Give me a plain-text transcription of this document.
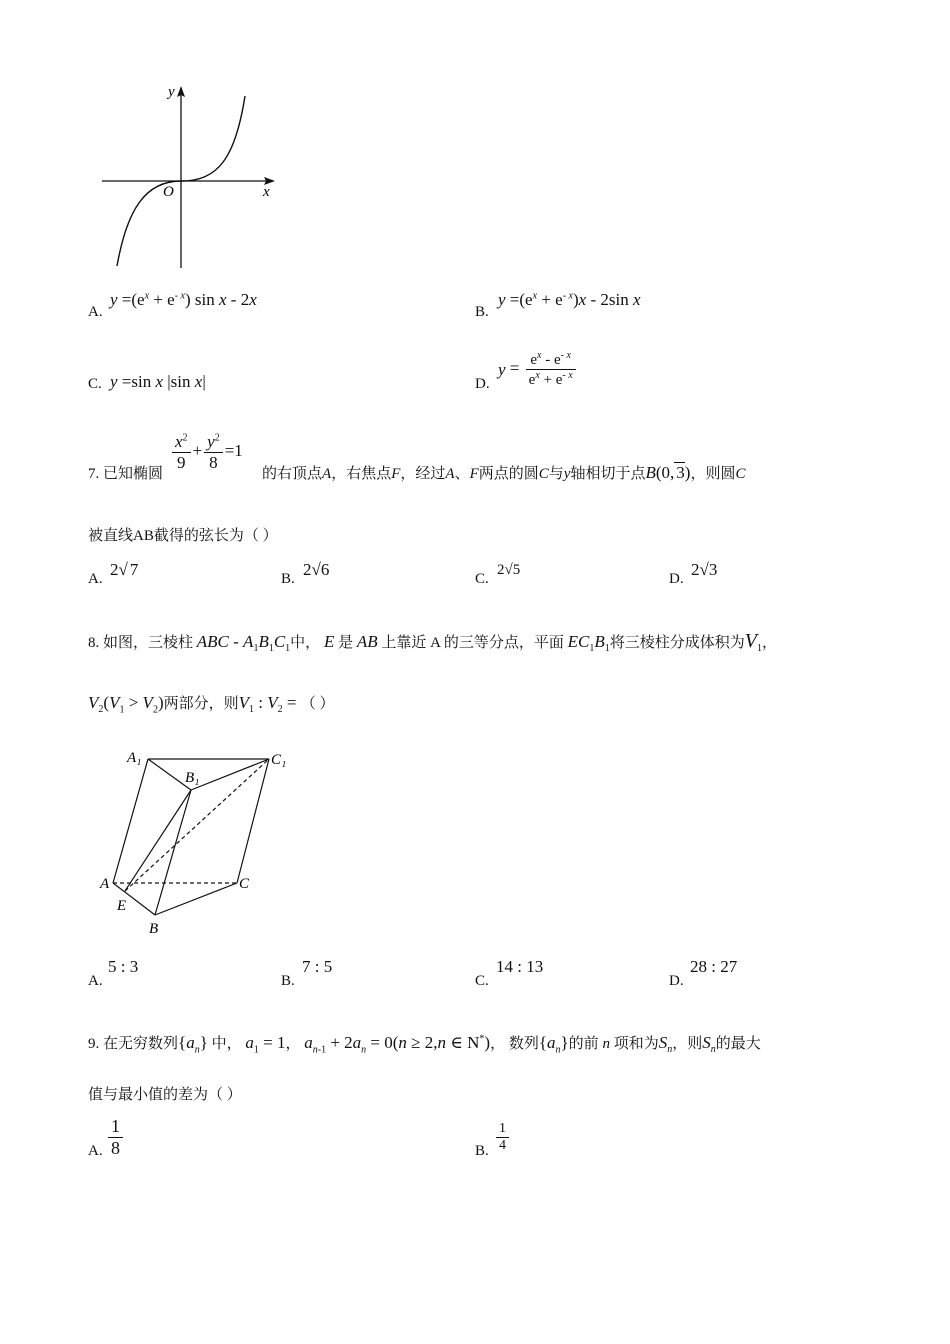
y
x
O
A.
$y =(e^x + e^{- x})$ sin x - 2x
B.
$y =(e^x + e^{- x})x - 2\sin$ x
C. y =sin x |sin x|	D.
$y = \frac{e^x - e^{- x}}{e^x + e^{- x}}$
7. 已知椭圆
$\frac{x^2}{9} + \frac{y^2}{8} =1$
的右顶点A，右焦点F，经过A、F两点的圆C与y轴相切于点B(0, 3)，则圆C
被直线AB截得的弦长为（ ）
A. 2√ 7	B. 2√6	C.
2√5
D. 2√3
8. 如图，三棱柱 ABC - $A_1B_1C_1$中， E 是 AB 上靠近 A 的三等分点，平面 $EC_1B_1$将三棱柱分成体积为$V_1$，
$V_2(V_1 > V_2)$两部分，则$V_1$ : $V_2$ = （ ）
A₁
B₁
C₁
A	C
E
B
A.
5 : 3
B.
7 : 5
C.
14 : 13
D.
28 : 27
9. 在无穷数列$\{a_n\}$ 中， $a_1 = 1$， $a_{n-1} + 2a_n = 0(n \ge 2,n$ ∈ N*)， 数列$\{a_n\}$的前 n 项和为$S_n$，则$S_n$的最大
值与最小值的差为（ ）
A. $\frac{1}{8}$	B. $\frac{1}{4}$
